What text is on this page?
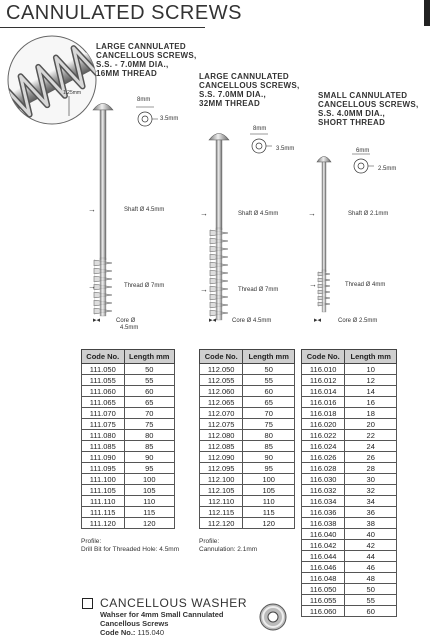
CANNULATED SCREWS
1.25mm
LARGE CANNULATED
CANCELLOUS SCREWS,
S.S. - 7.0MM DIA.,
16MM THREAD	LARGE CANNULATED
CANCELLOUS SCREWS,
S.S. 7.0MM DIA.,
32MM THREAD
SMALL CANNULATED
CANCELLOUS SCREWS,
S.S. 4.0MM DIA.,
SHORT THREAD
8mm
3.5mm
Shaft Ø 4.5mm
Thread Ø 7mm
Core Ø
4.5mm
→
→
▸◂
8mm
3.5mm
Shaft Ø 4.5mm
Thread Ø 7mm
Core Ø 4.5mm
→
→
▸◂
6mm
2.5mm
Shaft Ø 2.1mm
Thread Ø 4mm
Core Ø 2.5mm
→
→
▸◂
Code No.	Length mm
111.050	50
111.055	55
111.060	60
111.065	65
111.070	70
111.075	75
111.080	80
111.085	85
111.090	90
111.095	95
111.100	100
111.105	105
111.110	110
111.115	115
111.120	120
Code No.	Length mm
112.050	50
112.055	55
112.060	60
112.065	65
112.070	70
112.075	75
112.080	80
112.085	85
112.090	90
112.095	95
112.100	100
112.105	105
112.110	110
112.115	115
112.120	120
Code No.	Length mm
116.010	10
116.012	12
116.014	14
116.016	16
116.018	18
116.020	20
116.022	22
116.024	24
116.026	26
116.028	28
116.030	30
116.032	32
116.034	34
116.036	36
116.038	38
116.040	40
116.042	42
116.044	44
116.046	46
116.048	48
116.050	50
116.055	55
116.060	60
Profile:
Drill Bit for Threaded Hole: 4.5mm
Profile:
Cannulation: 2.1mm
CANCELLOUS WASHER
Wahser for 4mm Small Cannulated
Cancellous Screws
Code No.: 115.040
